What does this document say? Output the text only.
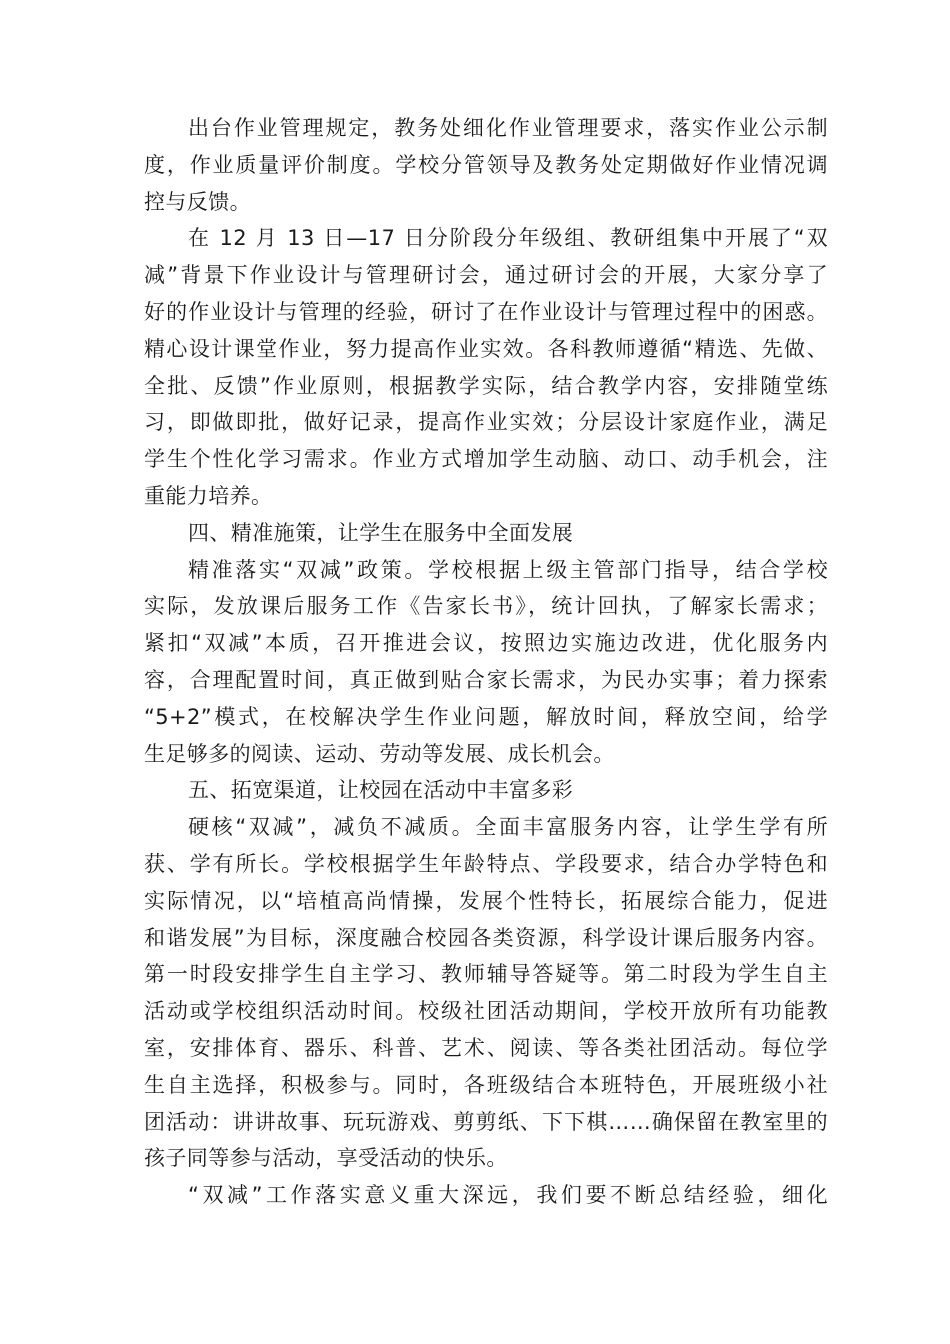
出台作业管理规定，教务处细化作业管理要求，落实作业公示制
度，作业质量评价制度。学校分管领导及教务处定期做好作业情况调
控与反馈。
在 12 月 13 日—17 日分阶段分年级组、教研组集中开展了“双
减”背景下作业设计与管理研讨会，通过研讨会的开展，大家分享了
好的作业设计与管理的经验，研讨了在作业设计与管理过程中的困惑。
精心设计课堂作业，努力提高作业实效。各科教师遵循“精选、先做、
全批、反馈”作业原则，根据教学实际，结合教学内容，安排随堂练
习，即做即批，做好记录，提高作业实效；分层设计家庭作业，满足
学生个性化学习需求。作业方式增加学生动脑、动口、动手机会，注
重能力培养。
四、精准施策，让学生在服务中全面发展
精准落实“双减”政策。学校根据上级主管部门指导，结合学校
实际，发放课后服务工作《告家长书》，统计回执，了解家长需求；
紧扣“双减”本质，召开推进会议，按照边实施边改进，优化服务内
容，合理配置时间，真正做到贴合家长需求，为民办实事；着力探索
“5+2”模式，在校解决学生作业问题，解放时间，释放空间，给学
生足够多的阅读、运动、劳动等发展、成长机会。
五、拓宽渠道，让校园在活动中丰富多彩
硬核“双减”，减负不减质。全面丰富服务内容，让学生学有所
获、学有所长。学校根据学生年龄特点、学段要求，结合办学特色和
实际情况，以“培植高尚情操，发展个性特长，拓展综合能力，促进
和谐发展”为目标，深度融合校园各类资源，科学设计课后服务内容。
第一时段安排学生自主学习、教师辅导答疑等。第二时段为学生自主
活动或学校组织活动时间。校级社团活动期间，学校开放所有功能教
室，安排体育、器乐、科普、艺术、阅读、等各类社团活动。每位学
生自主选择，积极参与。同时，各班级结合本班特色，开展班级小社
团活动：讲讲故事、玩玩游戏、剪剪纸、下下棋……确保留在教室里的
孩子同等参与活动，享受活动的快乐。
“双减”工作落实意义重大深远，我们要不断总结经验，细化
